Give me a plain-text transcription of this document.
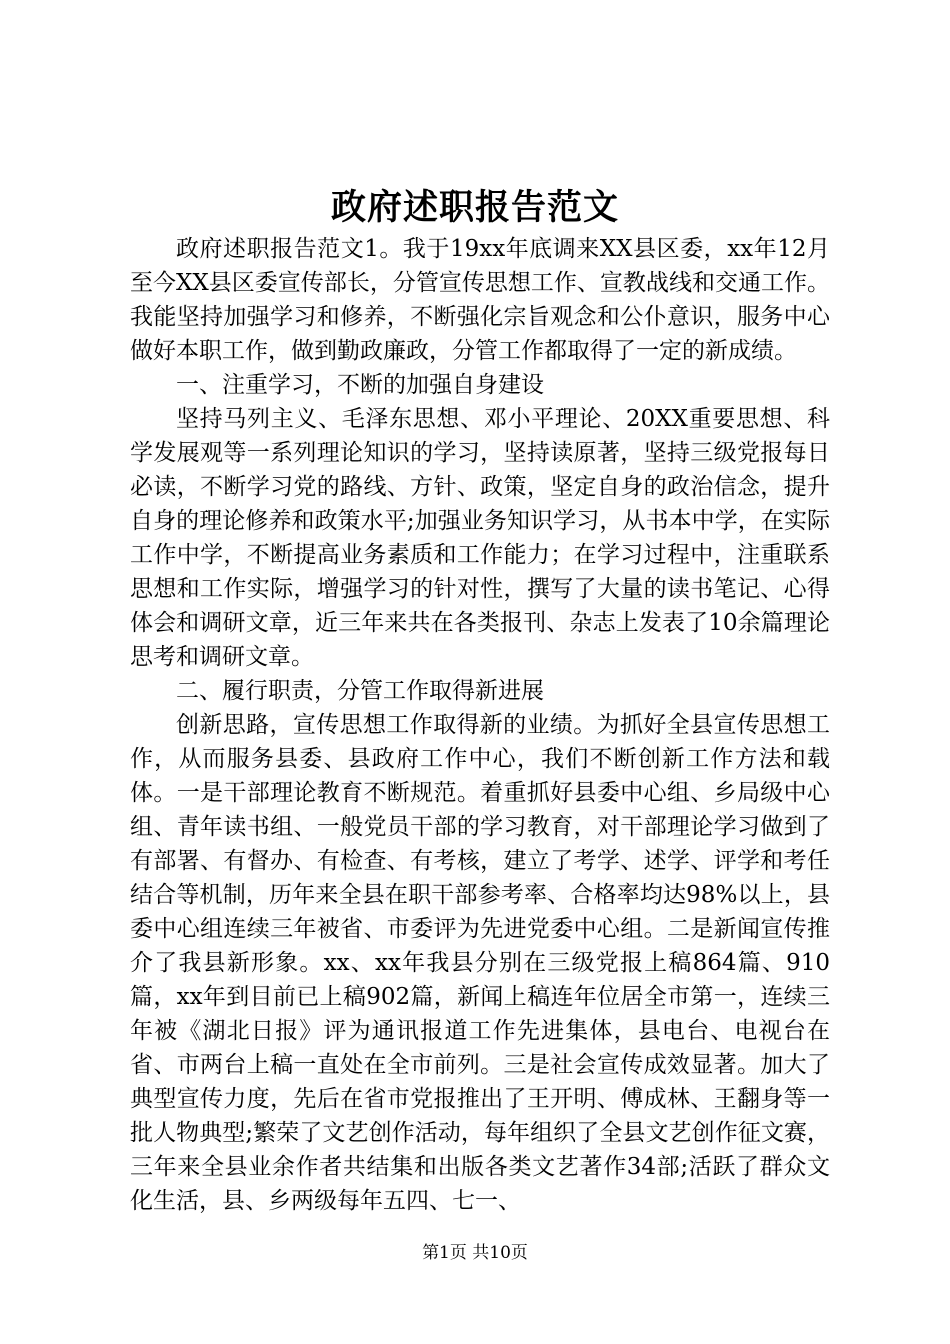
政府述职报告范文

政府述职报告范文1。我于19xx年底调来XX县区委，xx年12月至今XX县区委宣传部长，分管宣传思想工作、宣教战线和交通工作。我能坚持加强学习和修养，不断强化宗旨观念和公仆意识，服务中心做好本职工作，做到勤政廉政，分管工作都取得了一定的新成绩。

一、注重学习，不断的加强自身建设

坚持马列主义、毛泽东思想、邓小平理论、20XX重要思想、科学发展观等一系列理论知识的学习，坚持读原著，坚持三级党报每日必读，不断学习党的路线、方针、政策，坚定自身的政治信念，提升自身的理论修养和政策水平;加强业务知识学习，从书本中学，在实际工作中学，不断提高业务素质和工作能力；在学习过程中，注重联系思想和工作实际，增强学习的针对性，撰写了大量的读书笔记、心得体会和调研文章，近三年来共在各类报刊、杂志上发表了10余篇理论思考和调研文章。

二、履行职责，分管工作取得新进展

创新思路，宣传思想工作取得新的业绩。为抓好全县宣传思想工作，从而服务县委、县政府工作中心，我们不断创新工作方法和载体。一是干部理论教育不断规范。着重抓好县委中心组、乡局级中心组、青年读书组、一般党员干部的学习教育，对干部理论学习做到了有部署、有督办、有检查、有考核，建立了考学、述学、评学和考任结合等机制，历年来全县在职干部参考率、合格率均达98%以上，县委中心组连续三年被省、市委评为先进党委中心组。二是新闻宣传推介了我县新形象。xx、xx年我县分别在三级党报上稿864篇、910篇，xx年到目前已上稿902篇，新闻上稿连年位居全市第一，连续三年被《湖北日报》评为通讯报道工作先进集体，县电台、电视台在省、市两台上稿一直处在全市前列。三是社会宣传成效显著。加大了典型宣传力度，先后在省市党报推出了王开明、傅成林、王翻身等一批人物典型;繁荣了文艺创作活动，每年组织了全县文艺创作征文赛，三年来全县业余作者共结集和出版各类文艺著作34部;活跃了群众文化生活，县、乡两级每年五四、七一、

第1页 共10页
